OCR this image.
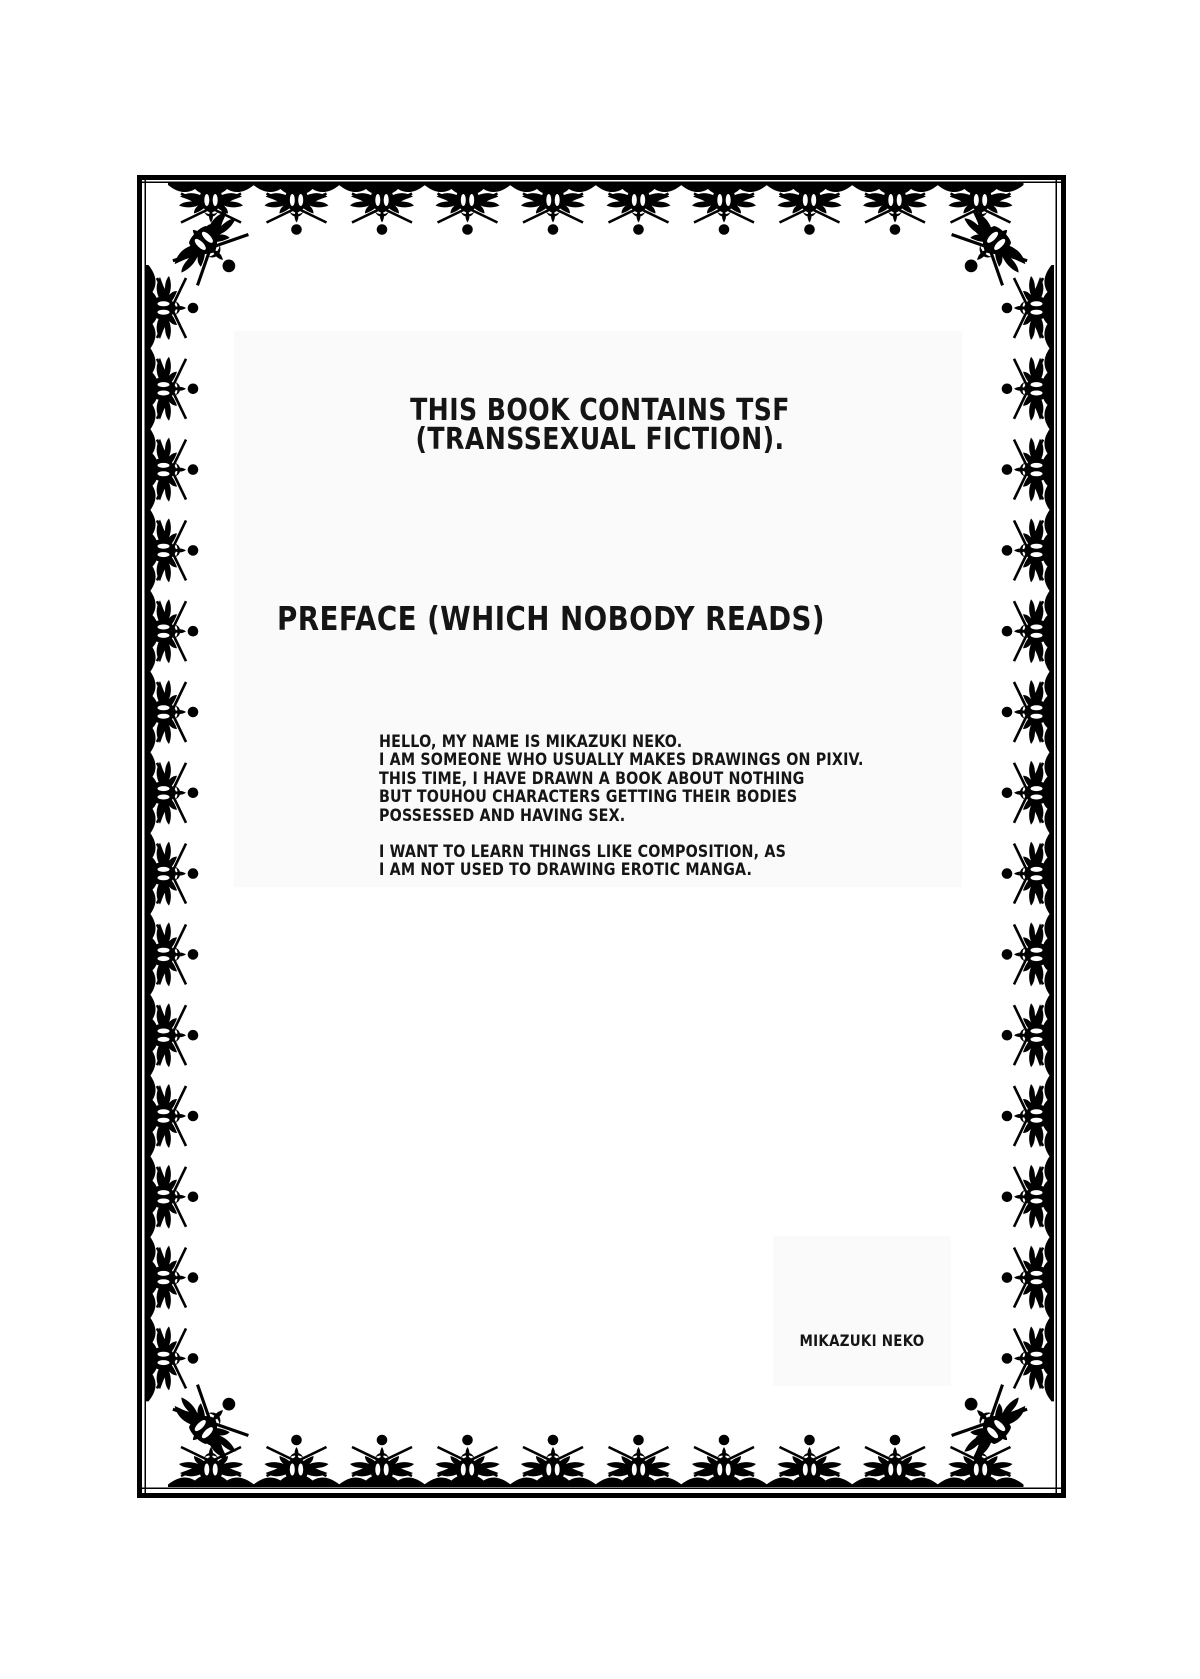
THIS BOOK CONTAINS TSF
(TRANSSEXUAL FICTION).
PREFACE (WHICH NOBODY READS)
HELLO, MY NAME IS MIKAZUKI NEKO.
I AM SOMEONE WHO USUALLY MAKES DRAWINGS ON PIXIV.
THIS TIME, I HAVE DRAWN A BOOK ABOUT NOTHING
BUT TOUHOU CHARACTERS GETTING THEIR BODIES
POSSESSED AND HAVING SEX.
I WANT TO LEARN THINGS LIKE COMPOSITION, AS
I AM NOT USED TO DRAWING EROTIC MANGA.
MIKAZUKI NEKO
